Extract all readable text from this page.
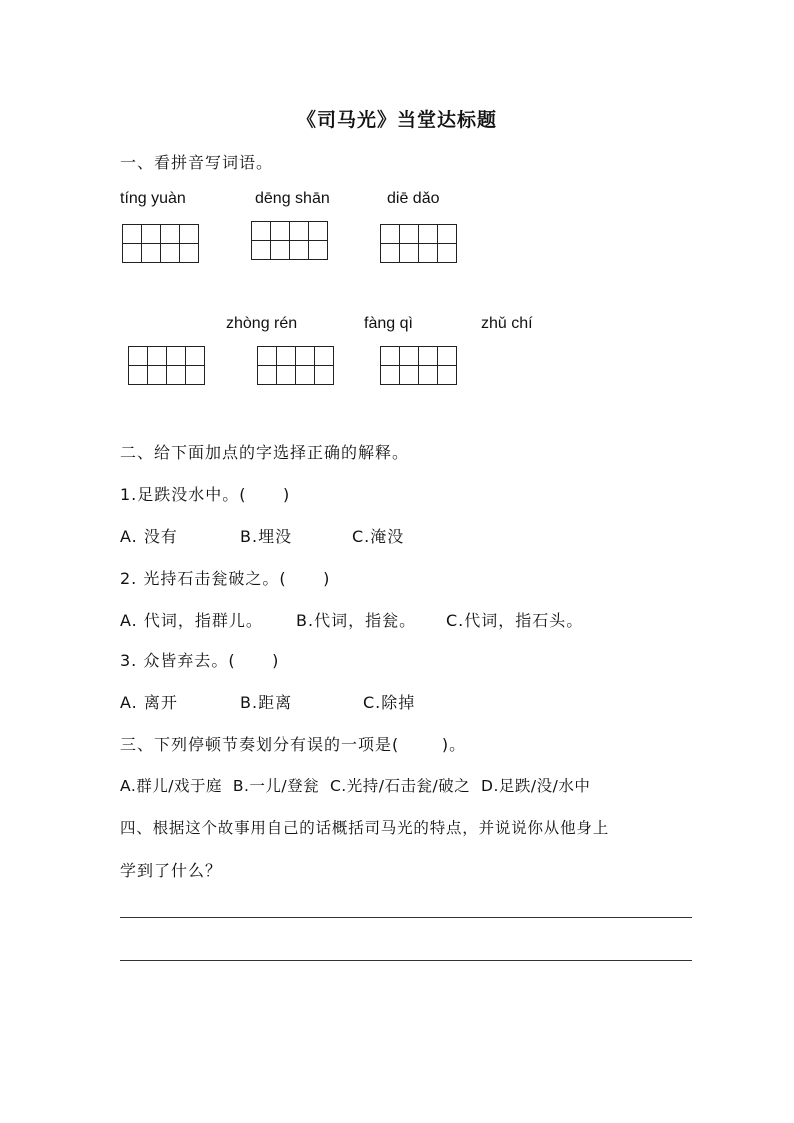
《司马光》当堂达标题
一、看拼音写词语。
tíng yuàn	dēng shān	diē dǎo
zhòng rén	fàng qì	zhǔ chí
二、给下面加点的字选择正确的解释。
1.足跌没水中。(      )
A. 没有	B.埋没	C.淹没
2. 光持石击瓮破之。(      )
A. 代词，指群儿。 B.代词，指瓮。 C.代词，指石头。
3. 众皆弃去。(      )
A. 离开	B.距离	C.除掉
三、下列停顿节奏划分有误的一项是(       )。
A.群儿/戏于庭  B.一儿/登瓮  C.光持/石击瓮/破之  D.足跌/没/水中
四、根据这个故事用自己的话概括司马光的特点，并说说你从他身上
学到了什么？
